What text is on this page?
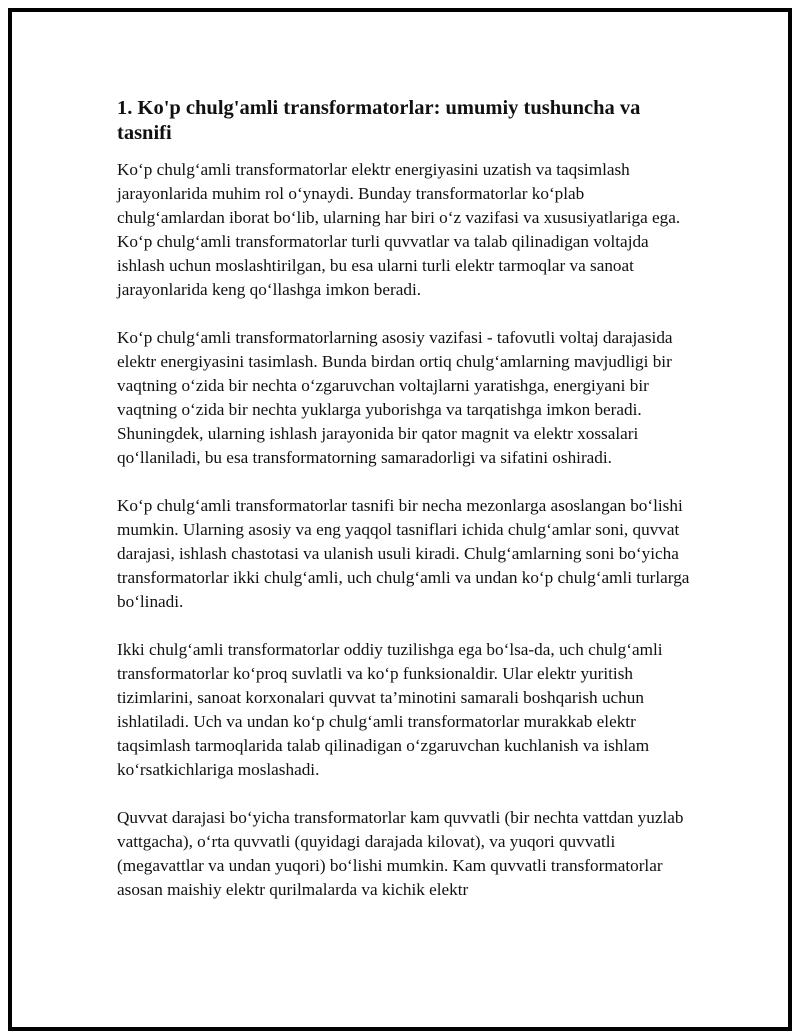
1. Ko'p chulg'amli transformatorlar: umumiy tushuncha va tasnifi

Ko‘p chulg‘amli transformatorlar elektr energiyasini uzatish va taqsimlash jarayonlarida muhim rol o‘ynaydi. Bunday transformatorlar ko‘plab chulg‘amlardan iborat bo‘lib, ularning har biri o‘z vazifasi va xususiyatlariga ega. Ko‘p chulg‘amli transformatorlar turli quvvatlar va talab qilinadigan voltajda ishlash uchun moslashtirilgan, bu esa ularni turli elektr tarmoqlar va sanoat jarayonlarida keng qo‘llashga imkon beradi.

Ko‘p chulg‘amli transformatorlarning asosiy vazifasi - tafovutli voltaj darajasida elektr energiyasini tasimlash. Bunda birdan ortiq chulg‘amlarning mavjudligi bir vaqtning o‘zida bir nechta o‘zgaruvchan voltajlarni yaratishga, energiyani bir vaqtning o‘zida bir nechta yuklarga yuborishga va tarqatishga imkon beradi. Shuningdek, ularning ishlash jarayonida bir qator magnit va elektr xossalari qo‘llaniladi, bu esa transformatorning samaradorligi va sifatini oshiradi.

Ko‘p chulg‘amli transformatorlar tasnifi bir necha mezonlarga asoslangan bo‘lishi mumkin. Ularning asosiy va eng yaqqol tasniflari ichida chulg‘amlar soni, quvvat darajasi, ishlash chastotasi va ulanish usuli kiradi. Chulg‘amlarning soni bo‘yicha transformatorlar ikki chulg‘amli, uch chulg‘amli va undan ko‘p chulg‘amli turlarga bo‘linadi.

Ikki chulg‘amli transformatorlar oddiy tuzilishga ega bo‘lsa-da, uch chulg‘amli transformatorlar ko‘proq suvlatli va ko‘p funksionaldir. Ular elektr yuritish tizimlarini, sanoat korxonalari quvvat ta’minotini samarali boshqarish uchun ishlatiladi. Uch va undan ko‘p chulg‘amli transformatorlar murakkab elektr taqsimlash tarmoqlarida talab qilinadigan o‘zgaruvchan kuchlanish va ishlam ko‘rsatkichlariga moslashadi.

Quvvat darajasi bo‘yicha transformatorlar kam quvvatli (bir nechta vattdan yuzlab vattgacha), o‘rta quvvatli (quyidagi darajada kilovat), va yuqori quvvatli (megavattlar va undan yuqori) bo‘lishi mumkin. Kam quvvatli transformatorlar asosan maishiy elektr qurilmalarda va kichik elektr
